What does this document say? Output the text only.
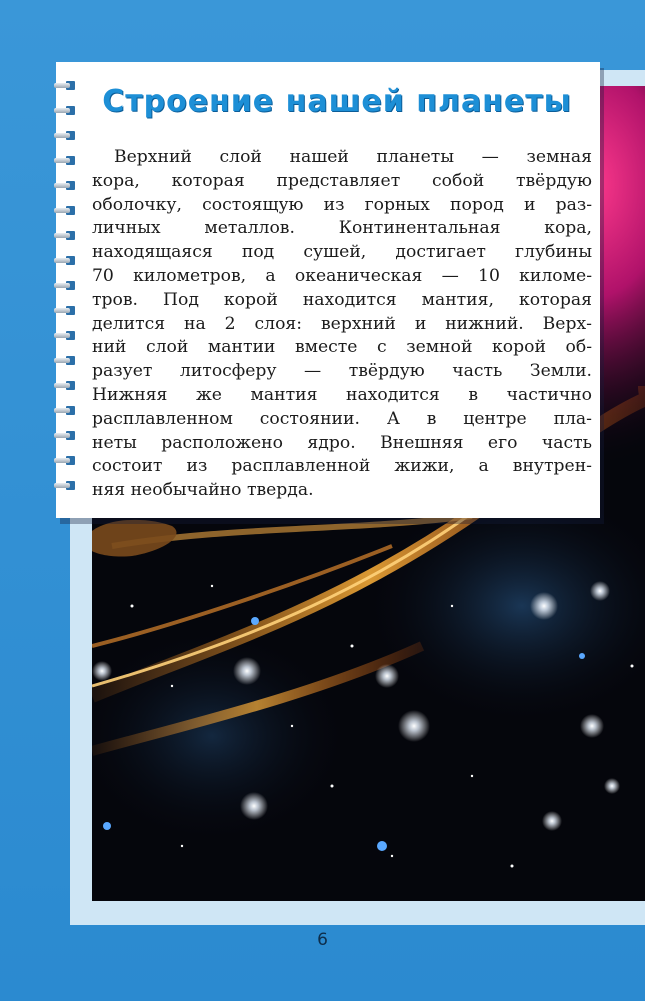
Строение нашей планеты
Верхний слой нашей планеты — земная
кора, которая представляет собой твёрдую
оболочку, состоящую из горных пород и раз-
личных металлов. Континентальная кора,
находящаяся под сушей, достигает глубины
70 километров, а океаническая — 10 киломе-
тров. Под корой находится мантия, которая
делится на 2 слоя: верхний и нижний. Верх-
ний слой мантии вместе с земной корой об-
разует литосферу — твёрдую часть Земли.
Нижняя же мантия находится в частично
расплавленном состоянии. А в центре пла-
неты расположено ядро. Внешняя его часть
состоит из расплавленной жижи, а внутрен-
няя необычайно тверда.
6
